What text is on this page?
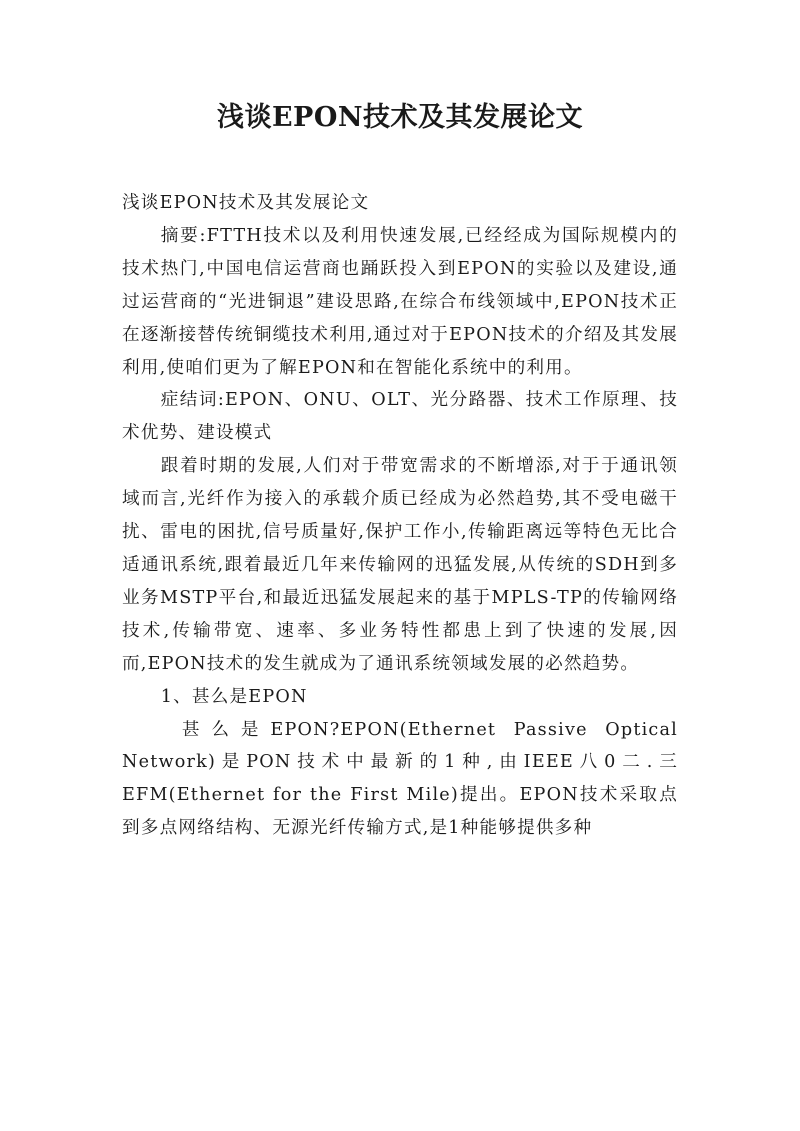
浅谈EPON技术及其发展论文

浅谈EPON技术及其发展论文

摘要:FTTH技术以及利用快速发展,已经经成为国际规模内的技术热门,中国电信运营商也踊跃投入到EPON的实验以及建设,通过运营商的“光进铜退”建设思路,在综合布线领域中,EPON技术正在逐渐接替传统铜缆技术利用,通过对于EPON技术的介绍及其发展利用,使咱们更为了解EPON和在智能化系统中的利用。

症结词:EPON、ONU、OLT、光分路器、技术工作原理、技术优势、建设模式

跟着时期的发展,人们对于带宽需求的不断增添,对于于通讯领域而言,光纤作为接入的承载介质已经成为必然趋势,其不受电磁干扰、雷电的困扰,信号质量好,保护工作小,传输距离远等特色无比合适通讯系统,跟着最近几年来传输网的迅猛发展,从传统的SDH到多业务MSTP平台,和最近迅猛发展起来的基于MPLS-TP的传输网络技术,传输带宽、速率、多业务特性都患上到了快速的发展,因而,EPON技术的发生就成为了通讯系统领域发展的必然趋势。

1、甚么是EPON

甚么是EPON?EPON(Ethernet Passive Optical Network)是PON技术中最新的1种,由IEEE八0二.三EFM(Ethernet for the First Mile)提出。EPON技术采取点到多点网络结构、无源光纤传输方式,是1种能够提供多种
